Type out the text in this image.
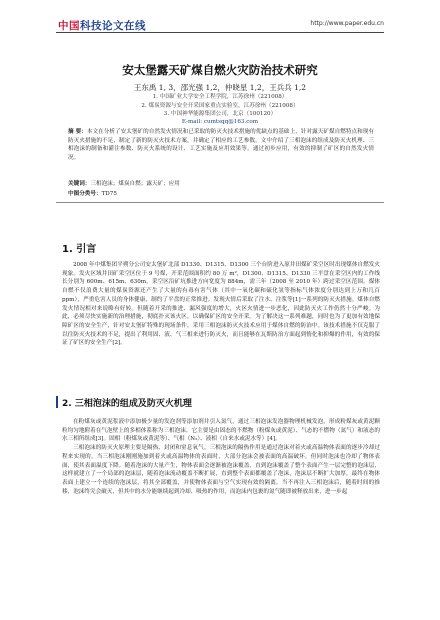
中国科技论文在线	http://www.paper.edu.cn
安太堡露天矿煤自燃火灾防治技术研究
王东禹 1, 3，邵光强 1,2，仲晓星 1,2，王兵兵 1,2
1. 中国矿业大学安全工程学院，江苏徐州（221008）
2. 煤炭资源与安全开采国家重点实验室，江苏徐州（221008）
3. 中国神华能源集团公司，北京（100120）
E-mail: cumtsqq@163.com
摘 要：本文在分析了安太堡矿的自然发火情况和已采取的防灭火技术措施的优缺点的基础上，针对露天矿煤自燃特点和现有防灭火措施的不足，制定了新的防灭火技术方案，并确定了相应的工艺参数。文中介绍了三相泡沫的组成及防灭火机理、三相泡沫的制备和灌注参数、防灭火系统的设计、工艺实施及应用效果等。通过初步应用，有效的抑制了矿区的自然发火情况。
关键词：三相泡沫；煤炭自燃；露天矿；应用
中图分类号：TD75
1. 引言

2008 年中煤集团平朔分公司安太堡矿北部 D1330、D1315、D1300 三个台阶进入原井田煤矿采空区时出现煤体自燃发火现象。发火区域井田矿采空区位于 9 号煤，开采范围面积约 80 万 m²，D1300、D1315、D1330 三平盘在采空区内的工作线长分别为 600m、615m、630m，采空区沿矿坑推进方向宽度为 884m，需三年（2008 至 2010 年）跨过采空区范围。煤体自燃不仅浪费大量的煤炭资源还产生了大量的有毒有害气体（其中一氧化碳和硫化氢等指标气体浓度分别达到上万和几百 ppm），严重危害人员的身体健康，制约了平盘的正常推进。发现火情后采取了注水、注浆等[1]一系列的防灭火措施。煤体自燃发火情况相对来说略有好转。但随着开采的推进、漏风强度的增大，火区火情进一步恶化，因此防灭火工作仍然十分严峻。为此，必须尽快实施新的治理措施，彻底扑灭该火区，以确保矿区的安全开采。为了解决这一系列难题，同时也为了更加有效地保障矿区的安全生产，针对安太堡矿特殊的现场条件，采用三相泡沫防灭火技术应用于煤体自燃的防治中。该技术措施不仅克服了以往防灭火技术的不足，提出了利用固、液、气三相来进行防灭火，而且能够在瓦斯防治方面起到惰化和抑爆的作用，有效的保证了矿区的安全生产[2]。

2. 三相泡沫的组成及防灭火机理

在粉煤灰或黄泥浆液中添加极少量的发泡剂等添加剂并引入氮气，通过三相泡沫发泡器物理机械发泡，形成粉煤灰或黄泥颗粒均匀地附着在气泡壁上的多相体系称为三相泡沫。它主要是由固态的不燃物（粉煤灰或黄泥）、气态的不燃物（氮气）和液态的水三相所组成[3]。固相（粉煤灰或黄泥等）、气相（N₂）、液相（自来水或泥水等）[4]。

三相泡沫的防灭火原理主要是隔热、封闭和窒息氧气。三相泡沫的隔热作用是通过泡沫对着火或高温物体表面的逐步冷却过程来实现的。当三相泡沫刚刚施加到着火或高温物体的表面时，大部分泡沫会被表面的高温破坏，但同时泡沫也冷却了物体表面，使其表面温度下降。随着泡沫的大量产生，物体表面会逐渐被泡沫覆盖，直到泡沫覆盖了整个表面产生一层完整的泡沫层，这样就建立了一个局部的泡沫层，随着泡沫流动覆盖不断扩展，直到整个表面都覆盖了泡沫，泡沫层不断扩大加厚，最终在物体表面上建立一个连续的泡沫层，将其全部覆盖，并使物体表面与空气实现有效的隔离。当不再注入三相泡沫后，随着时间的推移，泡沫终究会破灭，但其中的水分能继续起到冷却、吸热的作用，而泡沫内包裹的氮气随即被释放出来，进一步起
